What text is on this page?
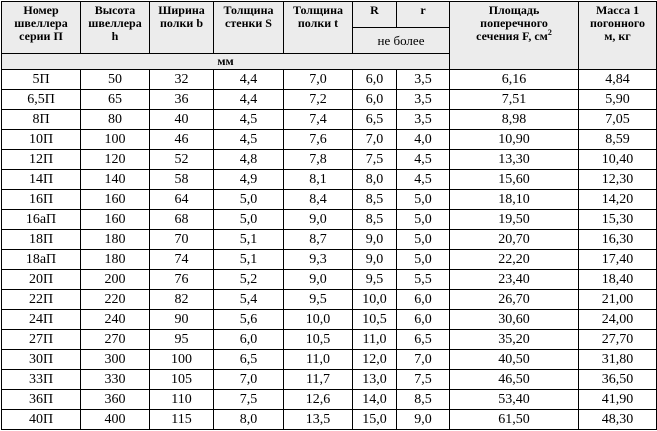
Номер
швеллера
серии П	Высота
швеллера
h	Ширина
полки b	Толщина
стенки S	Толщина
полки t	R	r	Площадь
поперечного
сечения F, $см^2$	Масса 1
погонного
м, кг
					не более			
мм								
5П	50	32	4,4	7,0	6,0	3,5	6,16	4,84
6,5П	65	36	4,4	7,2	6,0	3,5	7,51	5,90
8П	80	40	4,5	7,4	6,5	3,5	8,98	7,05
10П	100	46	4,5	7,6	7,0	4,0	10,90	8,59
12П	120	52	4,8	7,8	7,5	4,5	13,30	10,40
14П	140	58	4,9	8,1	8,0	4,5	15,60	12,30
16П	160	64	5,0	8,4	8,5	5,0	18,10	14,20
16аП	160	68	5,0	9,0	8,5	5,0	19,50	15,30
18П	180	70	5,1	8,7	9,0	5,0	20,70	16,30
18аП	180	74	5,1	9,3	9,0	5,0	22,20	17,40
20П	200	76	5,2	9,0	9,5	5,5	23,40	18,40
22П	220	82	5,4	9,5	10,0	6,0	26,70	21,00
24П	240	90	5,6	10,0	10,5	6,0	30,60	24,00
27П	270	95	6,0	10,5	11,0	6,5	35,20	27,70
30П	300	100	6,5	11,0	12,0	7,0	40,50	31,80
33П	330	105	7,0	11,7	13,0	7,5	46,50	36,50
36П	360	110	7,5	12,6	14,0	8,5	53,40	41,90
40П	400	115	8,0	13,5	15,0	9,0	61,50	48,30
